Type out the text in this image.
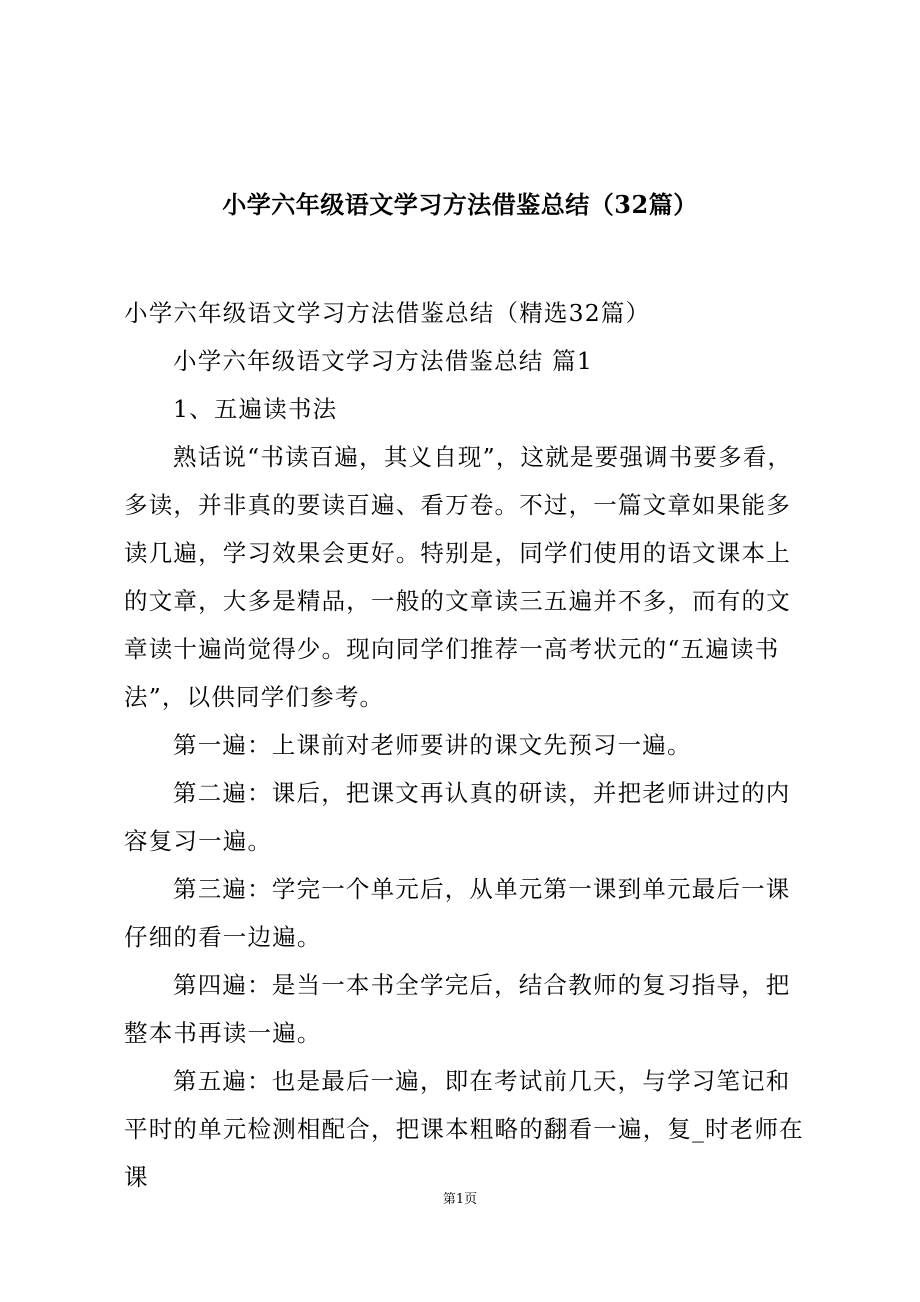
小学六年级语文学习方法借鉴总结（32篇）

小学六年级语文学习方法借鉴总结（精选32篇）

小学六年级语文学习方法借鉴总结 篇1

1、五遍读书法

熟话说“书读百遍，其义自现”，这就是要强调书要多看，多读，并非真的要读百遍、看万卷。不过，一篇文章如果能多读几遍，学习效果会更好。特别是，同学们使用的语文课本上的文章，大多是精品，一般的文章读三五遍并不多，而有的文章读十遍尚觉得少。现向同学们推荐一高考状元的“五遍读书法”，以供同学们参考。

第一遍：上课前对老师要讲的课文先预习一遍。

第二遍：课后，把课文再认真的研读，并把老师讲过的内容复习一遍。

第三遍：学完一个单元后，从单元第一课到单元最后一课仔细的看一边遍。

第四遍：是当一本书全学完后，结合教师的复习指导，把整本书再读一遍。

第五遍：也是最后一遍，即在考试前几天，与学习笔记和平时的单元检测相配合，把课本粗略的翻看一遍，复_时老师在课

第1页
